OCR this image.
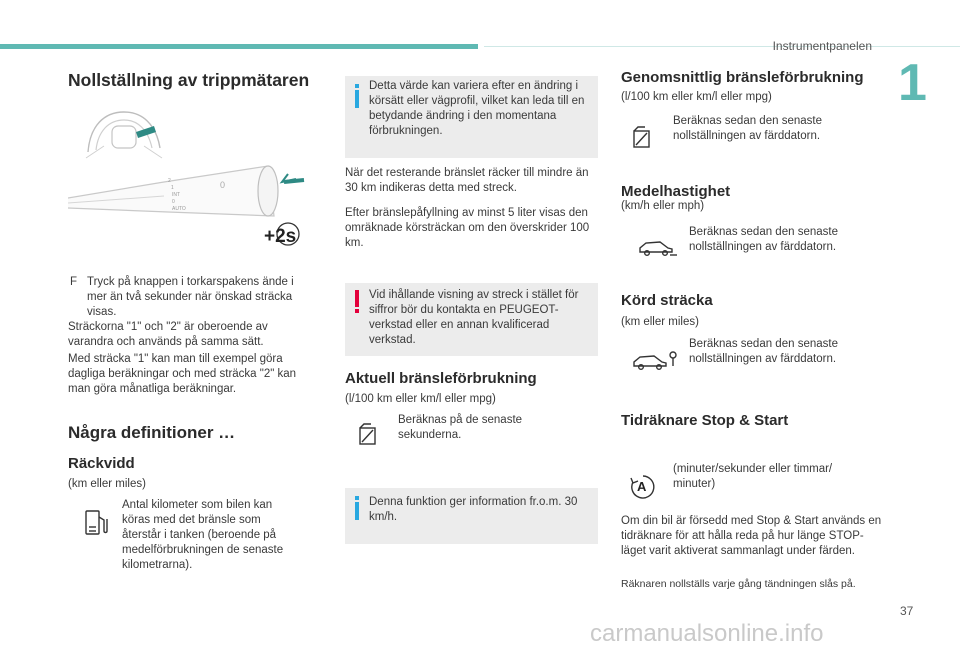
Instrumentpanelen
1
Nollställning av trippmätaren
2
1
INT
0
AUTO
0
+2s
F Tryck på knappen i torkarspakens ände i mer än två sekunder när önskad sträcka visas.
Sträckorna "1" och "2" är oberoende av varandra och används på samma sätt.
Med sträcka "1" kan man till exempel göra dagliga beräkningar och med sträcka "2" kan man göra månatliga beräkningar.
Några definitioner …
Räckvidd
(km eller miles)
Antal kilometer som bilen kan köras med det bränsle som återstår i tanken (beroende på medelförbrukningen de senaste kilometrarna).
Detta värde kan variera efter en ändring i körsätt eller vägprofil, vilket kan leda till en betydande ändring i den momentana förbrukningen.
När det resterande bränslet räcker till mindre än 30 km indikeras detta med streck.
Efter bränslepåfyllning av minst 5 liter visas den omräknade körsträckan om den överskrider 100 km.
Vid ihållande visning av streck i stället för siffror bör du kontakta en PEUGEOT-verkstad eller en annan kvalificerad verkstad.
Aktuell bränsleförbrukning
(l/100 km eller km/l eller mpg)
Beräknas på de senaste sekunderna.
Denna funktion ger information fr.o.m. 30 km/h.
Genomsnittlig bränsleförbrukning
(l/100 km eller km/l eller mpg)
Beräknas sedan den senaste nollställningen av färddatorn.
Medelhastighet
(km/h eller mph)
Beräknas sedan den senaste nollställningen av färddatorn.
Körd sträcka
(km eller miles)
Beräknas sedan den senaste nollställningen av färddatorn.
Tidräknare Stop & Start
A
(minuter/sekunder eller timmar/ minuter)
Om din bil är försedd med Stop & Start används en tidräknare för att hålla reda på hur länge STOP-läget varit aktiverat sammanlagt under färden.
Räknaren nollställs varje gång tändningen slås på.
37
carmanualsonline.info
